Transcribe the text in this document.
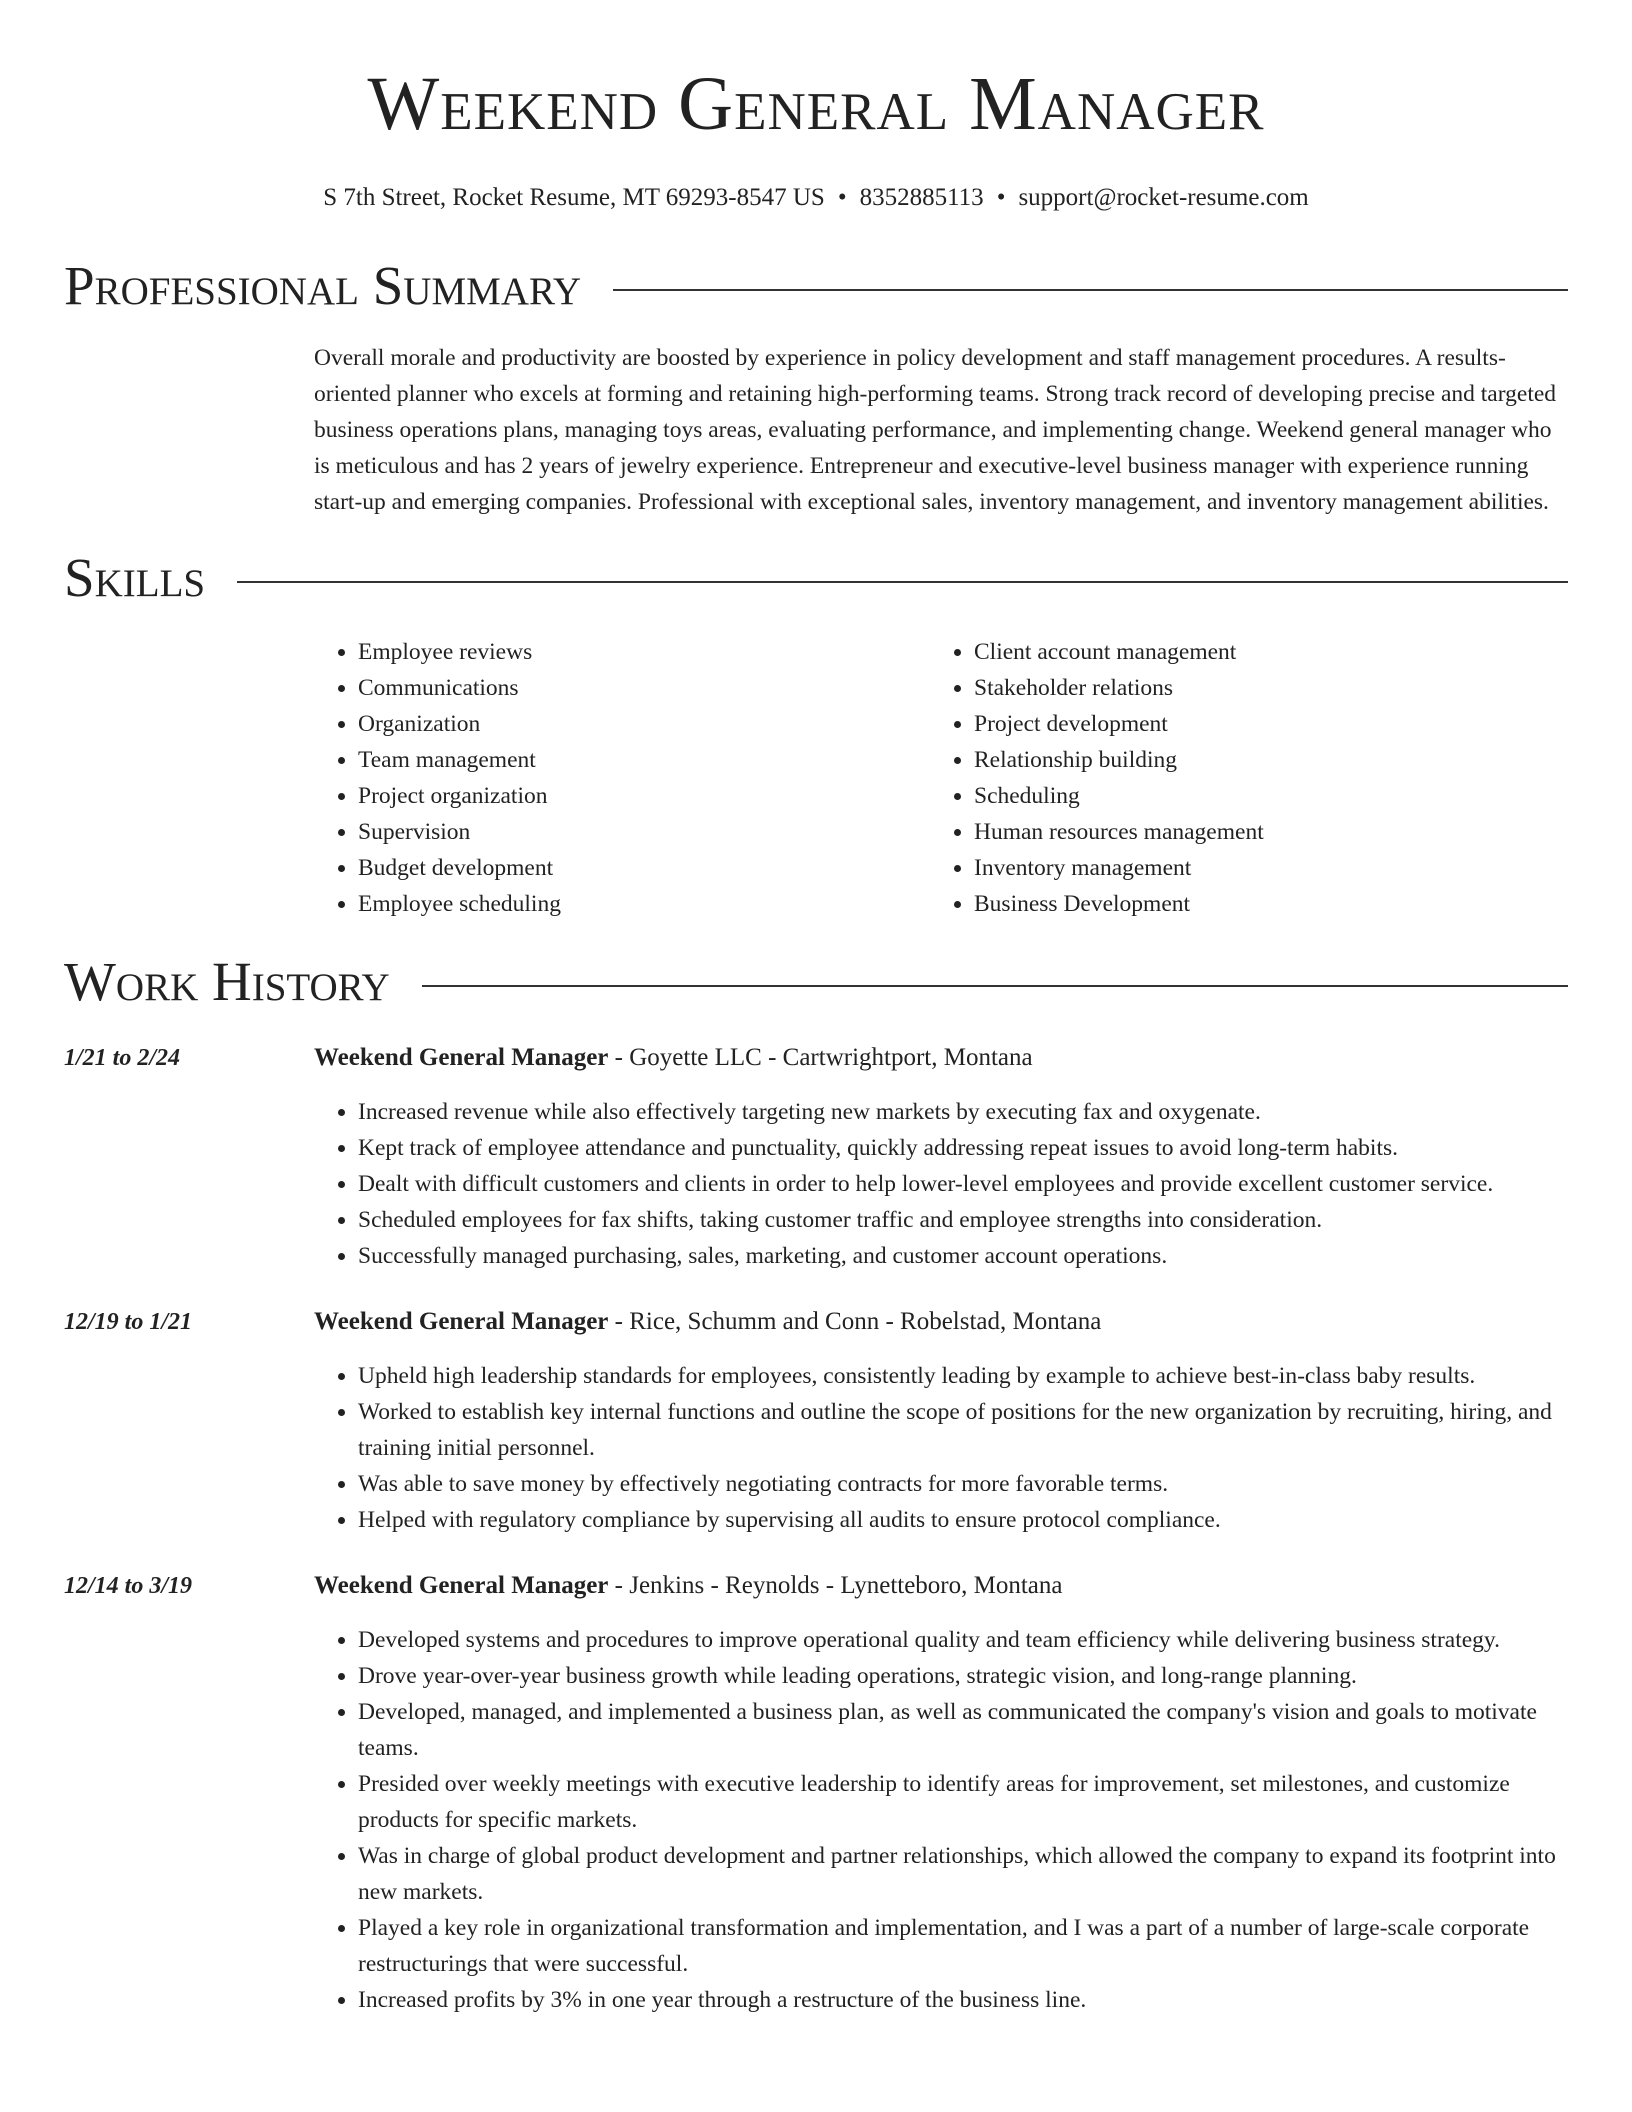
Weekend General Manager
S 7th Street, Rocket Resume, MT 69293-8547 US • 8352885113 • support@rocket-resume.com
Professional Summary
Overall morale and productivity are boosted by experience in policy development and staff management procedures. A results-oriented planner who excels at forming and retaining high-performing teams. Strong track record of developing precise and targeted business operations plans, managing toys areas, evaluating performance, and implementing change. Weekend general manager who is meticulous and has 2 years of jewelry experience. Entrepreneur and executive-level business manager with experience running start-up and emerging companies. Professional with exceptional sales, inventory management, and inventory management abilities.
Skills
• Employee reviews
• Communications
• Organization
• Team management
• Project organization
• Supervision
• Budget development
• Employee scheduling
• Client account management
• Stakeholder relations
• Project development
• Relationship building
• Scheduling
• Human resources management
• Inventory management
• Business Development
Work History
1/21 to 2/24	Weekend General Manager - Goyette LLC - Cartwrightport, Montana
• Increased revenue while also effectively targeting new markets by executing fax and oxygenate.
• Kept track of employee attendance and punctuality, quickly addressing repeat issues to avoid long-term habits.
• Dealt with difficult customers and clients in order to help lower-level employees and provide excellent customer service.
• Scheduled employees for fax shifts, taking customer traffic and employee strengths into consideration.
• Successfully managed purchasing, sales, marketing, and customer account operations.
12/19 to 1/21	Weekend General Manager - Rice, Schumm and Conn - Robelstad, Montana
• Upheld high leadership standards for employees, consistently leading by example to achieve best-in-class baby results.
• Worked to establish key internal functions and outline the scope of positions for the new organization by recruiting, hiring, and training initial personnel.
• Was able to save money by effectively negotiating contracts for more favorable terms.
• Helped with regulatory compliance by supervising all audits to ensure protocol compliance.
12/14 to 3/19	Weekend General Manager - Jenkins - Reynolds - Lynetteboro, Montana
• Developed systems and procedures to improve operational quality and team efficiency while delivering business strategy.
• Drove year-over-year business growth while leading operations, strategic vision, and long-range planning.
• Developed, managed, and implemented a business plan, as well as communicated the company's vision and goals to motivate teams.
• Presided over weekly meetings with executive leadership to identify areas for improvement, set milestones, and customize products for specific markets.
• Was in charge of global product development and partner relationships, which allowed the company to expand its footprint into new markets.
• Played a key role in organizational transformation and implementation, and I was a part of a number of large-scale corporate restructurings that were successful.
• Increased profits by 3% in one year through a restructure of the business line.
